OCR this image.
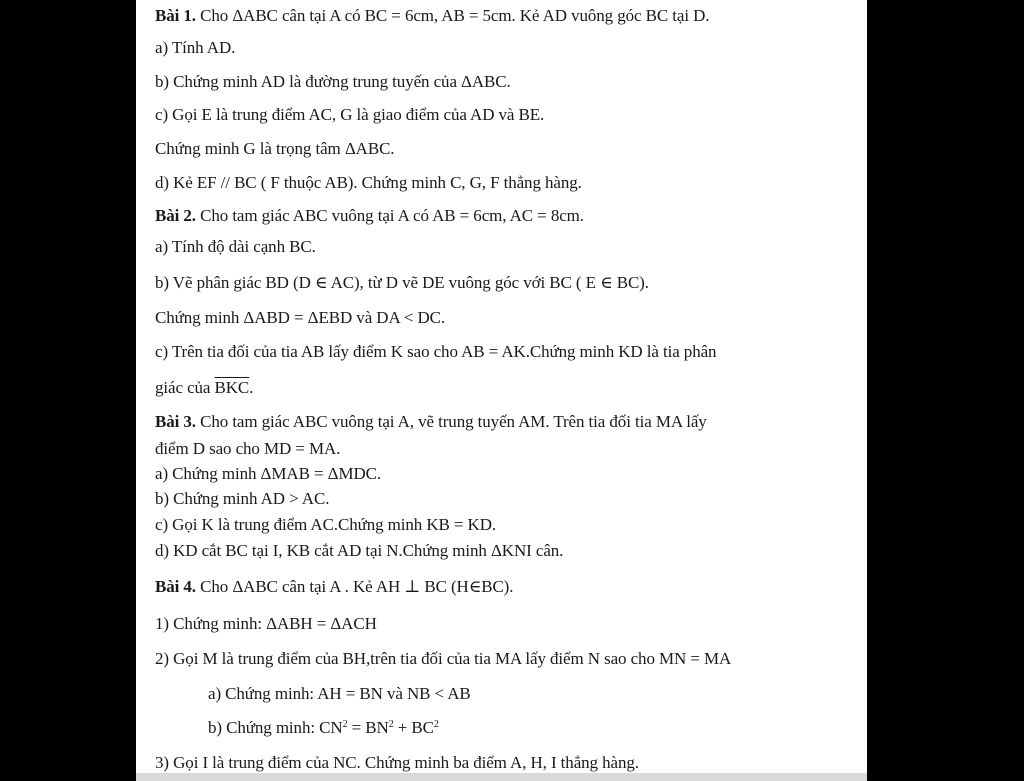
Bài 1. Cho ΔABC cân tại A có BC = 6cm, AB = 5cm. Kẻ AD vuông góc BC tại D.
a) Tính AD.
b) Chứng minh AD là đường trung tuyến của ΔABC.
c) Gọi E là trung điểm AC, G là giao điểm của AD và BE.
Chứng minh G là trọng tâm ΔABC.
d) Kẻ EF // BC ( F thuộc AB). Chứng minh C, G, F thẳng hàng.
Bài 2. Cho tam giác ABC vuông tại A có AB = 6cm, AC = 8cm.
a) Tính độ dài cạnh BC.
b) Vẽ phân giác BD (D ∈ AC), từ D vẽ DE vuông góc với BC ( E ∈ BC).
Chứng minh ΔABD = ΔEBD và DA < DC.
c) Trên tia đối của tia AB lấy điểm K sao cho AB = AK.Chứng minh KD là tia phân
giác của $\overline{BKC}$.
Bài 3. Cho tam giác ABC vuông tại A, vẽ trung tuyến AM. Trên tia đối tia MA lấy
điểm D sao cho MD = MA.
a) Chứng minh ΔMAB = ΔMDC.
b) Chứng minh AD > AC.
c) Gọi K là trung điểm AC.Chứng minh KB = KD.
d) KD cắt BC tại I, KB cắt AD tại N.Chứng minh ΔKNI cân.
Bài 4. Cho ΔABC cân tại A . Kẻ AH ⊥ BC (H∈BC).
1) Chứng minh: ΔABH = ΔACH
2) Gọi M là trung điểm của BH,trên tia đối của tia MA lấy điểm N sao cho MN = MA
a) Chứng minh: AH = BN và NB < AB
b) Chứng minh: $CN^2 = BN^2 + BC^2$
3) Gọi I là trung điểm của NC. Chứng minh ba điểm A, H, I thẳng hàng.
